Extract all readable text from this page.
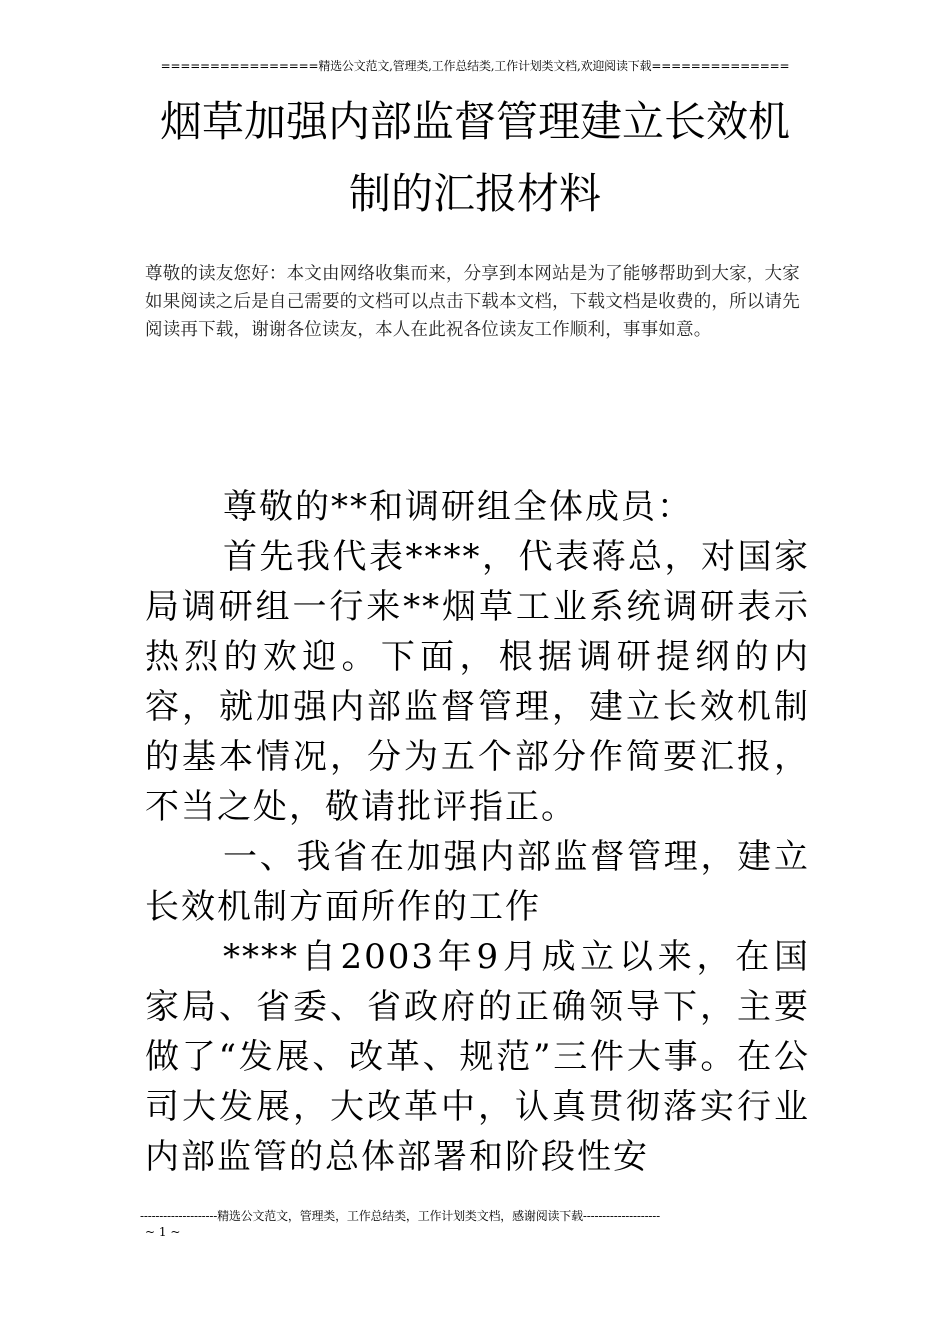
================精选公文范文,管理类,工作总结类,工作计划类文档,欢迎阅读下载==============
烟草加强内部监督管理建立长效机
制的汇报材料

尊敬的读友您好：本文由网络收集而来，分享到本网站是为了能够帮助到大家，大家如果阅读之后是自己需要的文档可以点击下载本文档，下载文档是收费的，所以请先阅读再下载，谢谢各位读友，本人在此祝各位读友工作顺利，事事如意。

尊敬的**和调研组全体成员：

首先我代表****，代表蒋总，对国家局调研组一行来**烟草工业系统调研表示热烈的欢迎。下面，根据调研提纲的内容，就加强内部监督管理，建立长效机制的基本情况，分为五个部分作简要汇报，不当之处，敬请批评指正。

一、我省在加强内部监督管理，建立长效机制方面所作的工作

****自2003年9月成立以来，在国家局、省委、省政府的正确领导下，主要做了“发展、改革、规范”三件大事。在公司大发展，大改革中，认真贯彻落实行业内部监管的总体部署和阶段性安

--------------------精选公文范文，管理类，工作总结类，工作计划类文档，感谢阅读下载--------------------
~ 1 ~
